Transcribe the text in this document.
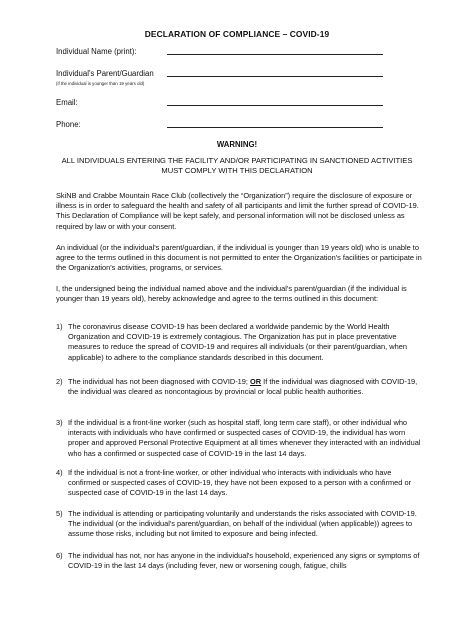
DECLARATION OF COMPLIANCE – COVID-19
Individual Name (print):
Individual's Parent/Guardian
(if the individual is younger than 19 years old)
Email:
Phone:
WARNING!
ALL INDIVIDUALS ENTERING THE FACILITY AND/OR PARTICIPATING IN SANCTIONED ACTIVITIES MUST COMPLY WITH THIS DECLARATION

SkiNB and Crabbe Mountain Race Club (collectively the “Organization”) require the disclosure of exposure or illness is in order to safeguard the health and safety of all participants and limit the further spread of COVID-19. This Declaration of Compliance will be kept safely, and personal information will not be disclosed unless as required by law or with your consent.

An individual (or the individual's parent/guardian, if the individual is younger than 19 years old) who is unable to agree to the terms outlined in this document is not permitted to enter the Organization's facilities or participate in the Organization's activities, programs, or services.

I, the undersigned being the individual named above and the individual's parent/guardian (if the individual is younger than 19 years old), hereby acknowledge and agree to the terms outlined in this document:

1) The coronavirus disease COVID-19 has been declared a worldwide pandemic by the World Health Organization and COVID-19 is extremely contagious. The Organization has put in place preventative measures to reduce the spread of COVID-19 and requires all individuals (or their parent/guardian, when applicable) to adhere to the compliance standards described in this document.
2) The individual has not been diagnosed with COVID-19; OR If the individual was diagnosed with COVID-19, the individual was cleared as noncontagious by provincial or local public health authorities.
3) If the individual is a front-line worker (such as hospital staff, long term care staff), or other individual who interacts with individuals who have confirmed or suspected cases of COVID-19, the individual has worn proper and approved Personal Protective Equipment at all times whenever they interacted with an individual who has a confirmed or suspected case of COVID-19 in the last 14 days.
4) If the individual is not a front-line worker, or other individual who interacts with individuals who have confirmed or suspected cases of COVID-19, they have not been exposed to a person with a confirmed or suspected case of COVID-19 in the last 14 days.
5) The individual is attending or participating voluntarily and understands the risks associated with COVID-19. The individual (or the individual's parent/guardian, on behalf of the individual (when applicable)) agrees to assume those risks, including but not limited to exposure and being infected.
6) The individual has not, nor has anyone in the individual's household, experienced any signs or symptoms of COVID-19 in the last 14 days (including fever, new or worsening cough, fatigue, chills
